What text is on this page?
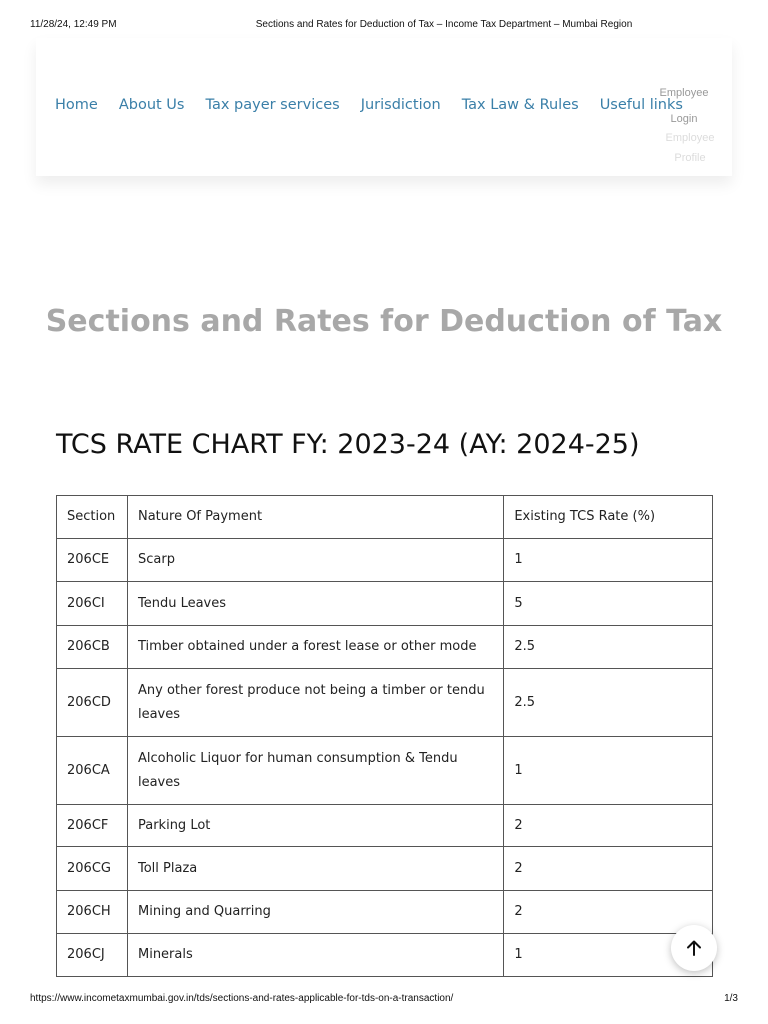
11/28/24, 12:49 PM	Sections and Rates for Deduction of Tax – Income Tax Department – Mumbai Region
Home About Us Tax payer services Jurisdiction Tax Law & Rules Useful links
Employee
Login
Employee
Profile
Sections and Rates for Deduction of Tax
TCS RATE CHART FY: 2023-24 (AY: 2024-25)
Section	Nature Of Payment	Existing TCS Rate (%)
206CE	Scarp	1
206CI	Tendu Leaves	5
206CB	Timber obtained under a forest lease or other mode	2.5
206CD	Any other forest produce not being a timber or tendu leaves	2.5
206CA	Alcoholic Liquor for human consumption & Tendu leaves	1
206CF	Parking Lot	2
206CG	Toll Plaza	2
206CH	Mining and Quarring	2
206CJ	Minerals	1
https://www.incometaxmumbai.gov.in/tds/sections-and-rates-applicable-for-tds-on-a-transaction/	1/3
